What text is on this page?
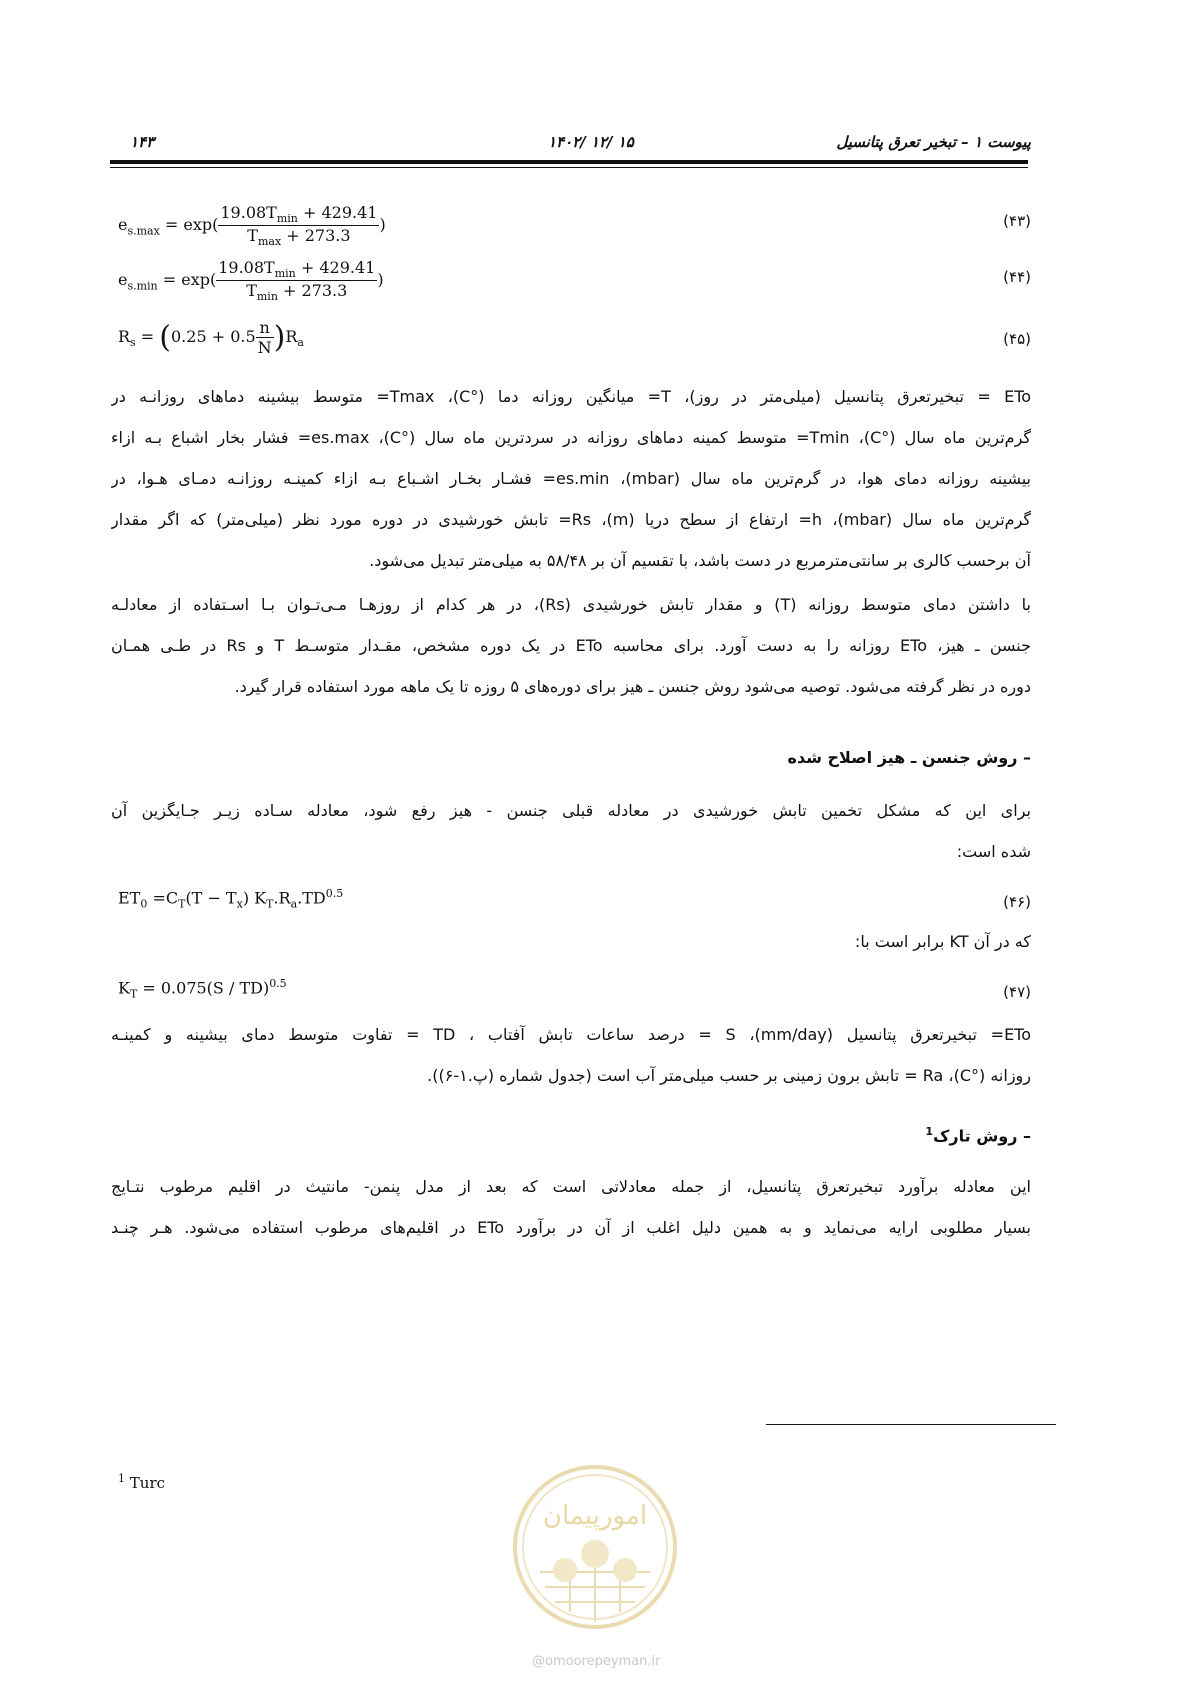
پیوست ۱ – تبخیر تعرق پتانسیل
۱۴۰۲/ ۱۲/ ۱۵
۱۴۳
$e_{s.max} = \exp( \frac{19.08T_{min} + 429.41}{T_{max} + 273.3}$ )	(۴۳)
$e_{s.min} = \exp( \frac{19.08T_{min} + 429.41}{T_{min} + 273.3}$ )	(۴۴)
$R_s = (0.25 + 0.5 \frac{n}{N} )R_a$	(۴۵)
ETo = تبخیرتعرق پتانسیل (میلی‌متر در روز)، T= میانگین روزانه دما (°C)، Tmax= متوسط بیشینه دماهای روزانـه در
گرم‌ترین ماه سال (°C)، Tmin= متوسط کمینه دماهای روزانه در سردترین ماه سال (°C)، es.max= فشار بخار اشباع بـه ازاء
بیشینه روزانه دمای هوا، در گرم‌ترین ماه سال (mbar)، es.min= فشـار بخـار اشـباع بـه ازاء کمینـه روزانـه دمـای هـوا، در
گرم‌ترین ماه سال (mbar)، h= ارتفاع از سطح دریا (m)، Rs= تابش خورشیدی در دوره مورد نظر (میلی‌متر) که اگر مقدار
آن برحسب کالری بر سانتی‌مترمربع در دست باشد، با تقسیم آن بر ۵۸/۴۸ به میلی‌متر تبدیل می‌شود.
با داشتن دمای متوسط روزانه (T) و مقدار تابش خورشیدی (Rs)، در هر کدام از روزهـا مـی‌تـوان بـا اسـتفاده از معادلـه
جنسن ـ هیز، ETo روزانه را به دست آورد. برای محاسبه ETo در یک دوره مشخص، مقـدار متوسـط T و Rs در طـی همـان
دوره در نظر گرفته می‌شود. توصیه می‌شود روش جنسن ـ هیز برای دوره‌های ۵ روزه تا یک ماهه مورد استفاده قرار گیرد.
– روش جنسن ـ هیز اصلاح شده
برای این که مشکل تخمین تابش خورشیدی در معادله قبلی جنسن - هیز رفع شود، معادله سـاده زیـر جـایگزین آن
شده است:
$ET_0 =C_T(T - T_x)$ $K_T.R_a.TD^{0.5}$	(۴۶)
که در آن KT برابر است با:
$K_T = 0.075(S / TD)^{0.5}$	(۴۷)
ETo= تبخیرتعرق پتانسیل (mm/day)، S = درصد ساعات تابش آفتاب ، TD = تفاوت متوسط دمای بیشینه و کمینـه
روزانه (°C)، Ra = تابش برون زمینی بر حسب میلی‌متر آب است (جدول شماره (پ.۱-۶)).
– روش تارک$^1$
این معادله برآورد تبخیرتعرق پتانسیل، از جمله معادلاتی است که بعد از مدل پنمن- مانتیث در اقلیم مرطوب نتـایج
بسیار مطلوبی ارایه می‌نماید و به همین دلیل اغلب از آن در برآورد ETo در اقلیم‌های مرطوب استفاده می‌شود. هـر چنـد
$^1$ Turc
امورپیمان
@omoorepeyman.ir
